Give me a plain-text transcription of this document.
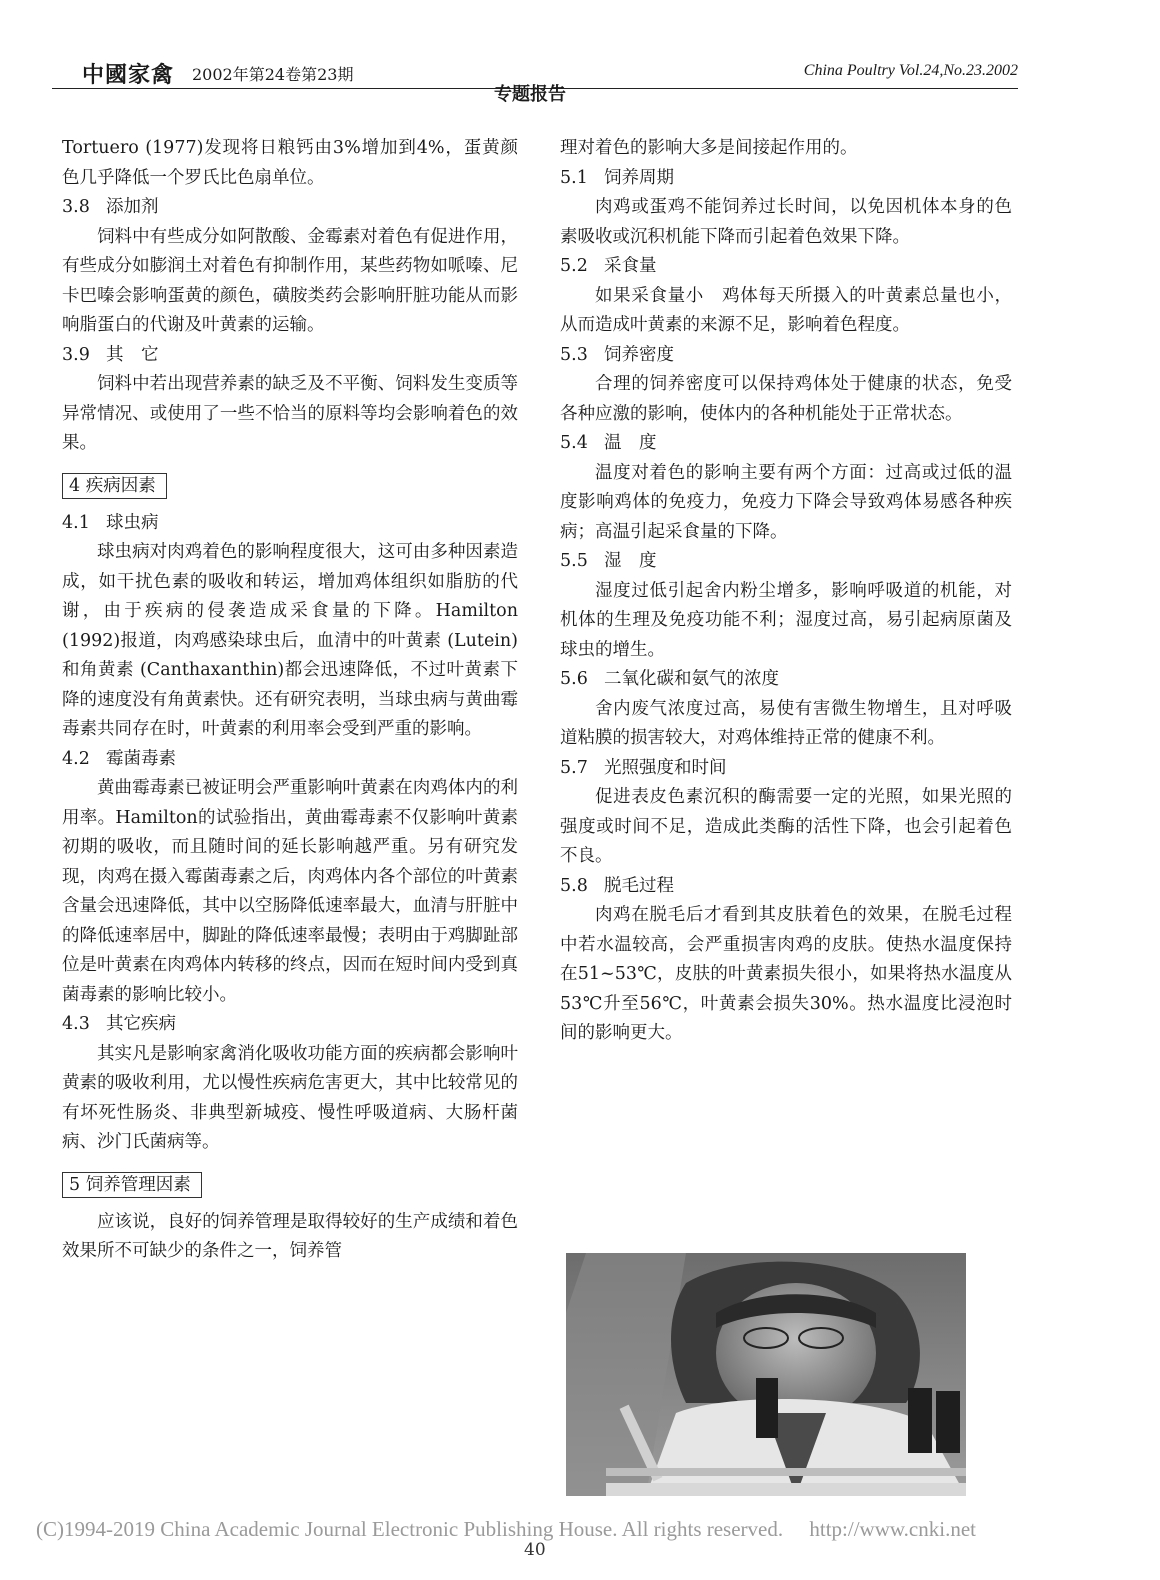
中國家禽 2002年第24卷第23期	China Poultry Vol.24,No.23.2002
专题报告

Tortuero (1977)发现将日粮钙由3%增加到4%，蛋黄颜色几乎降低一个罗氏比色扇单位。

3.8 添加剂

饲料中有些成分如阿散酸、金霉素对着色有促进作用，有些成分如膨润土对着色有抑制作用，某些药物如哌嗪、尼卡巴嗪会影响蛋黄的颜色，磺胺类药会影响肝脏功能从而影响脂蛋白的代谢及叶黄素的运输。

3.9 其　它

饲料中若出现营养素的缺乏及不平衡、饲料发生变质等异常情况、或使用了一些不恰当的原料等均会影响着色的效果。

4 疾病因素

4.1 球虫病

球虫病对肉鸡着色的影响程度很大，这可由多种因素造成，如干扰色素的吸收和转运，增加鸡体组织如脂肪的代谢，由于疾病的侵袭造成采食量的下降。Hamilton (1992)报道，肉鸡感染球虫后，血清中的叶黄素 (Lutein)和角黄素 (Canthaxanthin)都会迅速降低，不过叶黄素下降的速度没有角黄素快。还有研究表明，当球虫病与黄曲霉毒素共同存在时，叶黄素的利用率会受到严重的影响。

4.2 霉菌毒素

黄曲霉毒素已被证明会严重影响叶黄素在肉鸡体内的利用率。Hamilton的试验指出，黄曲霉毒素不仅影响叶黄素初期的吸收，而且随时间的延长影响越严重。另有研究发现，肉鸡在摄入霉菌毒素之后，肉鸡体内各个部位的叶黄素含量会迅速降低，其中以空肠降低速率最大，血清与肝脏中的降低速率居中，脚趾的降低速率最慢；表明由于鸡脚趾部位是叶黄素在肉鸡体内转移的终点，因而在短时间内受到真菌毒素的影响比较小。

4.3 其它疾病

其实凡是影响家禽消化吸收功能方面的疾病都会影响叶黄素的吸收利用，尤以慢性疾病危害更大，其中比较常见的有坏死性肠炎、非典型新城疫、慢性呼吸道病、大肠杆菌病、沙门氏菌病等。

5 饲养管理因素

应该说，良好的饲养管理是取得较好的生产成绩和着色效果所不可缺少的条件之一，饲养管

理对着色的影响大多是间接起作用的。

5.1 饲养周期

肉鸡或蛋鸡不能饲养过长时间，以免因机体本身的色素吸收或沉积机能下降而引起着色效果下降。

5.2 采食量

如果采食量小　鸡体每天所摄入的叶黄素总量也小，从而造成叶黄素的来源不足，影响着色程度。

5.3 饲养密度

合理的饲养密度可以保持鸡体处于健康的状态，免受各种应激的影响，使体内的各种机能处于正常状态。

5.4 温　度

温度对着色的影响主要有两个方面：过高或过低的温度影响鸡体的免疫力，免疫力下降会导致鸡体易感各种疾病；高温引起采食量的下降。

5.5 湿　度

湿度过低引起舍内粉尘增多，影响呼吸道的机能，对机体的生理及免疫功能不利；湿度过高，易引起病原菌及球虫的增生。

5.6 二氧化碳和氨气的浓度

舍内废气浓度过高，易使有害微生物增生，且对呼吸道粘膜的损害较大，对鸡体维持正常的健康不利。

5.7 光照强度和时间

促进表皮色素沉积的酶需要一定的光照，如果光照的强度或时间不足，造成此类酶的活性下降，也会引起着色不良。

5.8 脱毛过程

肉鸡在脱毛后才看到其皮肤着色的效果，在脱毛过程中若水温较高，会严重损害肉鸡的皮肤。使热水温度保持在51~53℃，皮肤的叶黄素损失很小，如果将热水温度从53℃升至56℃，叶黄素会损失30%。热水温度比浸泡时间的影响更大。

(C)1994-2019 China Academic Journal Electronic Publishing House. All rights reserved.　 http://www.cnki.net
40
